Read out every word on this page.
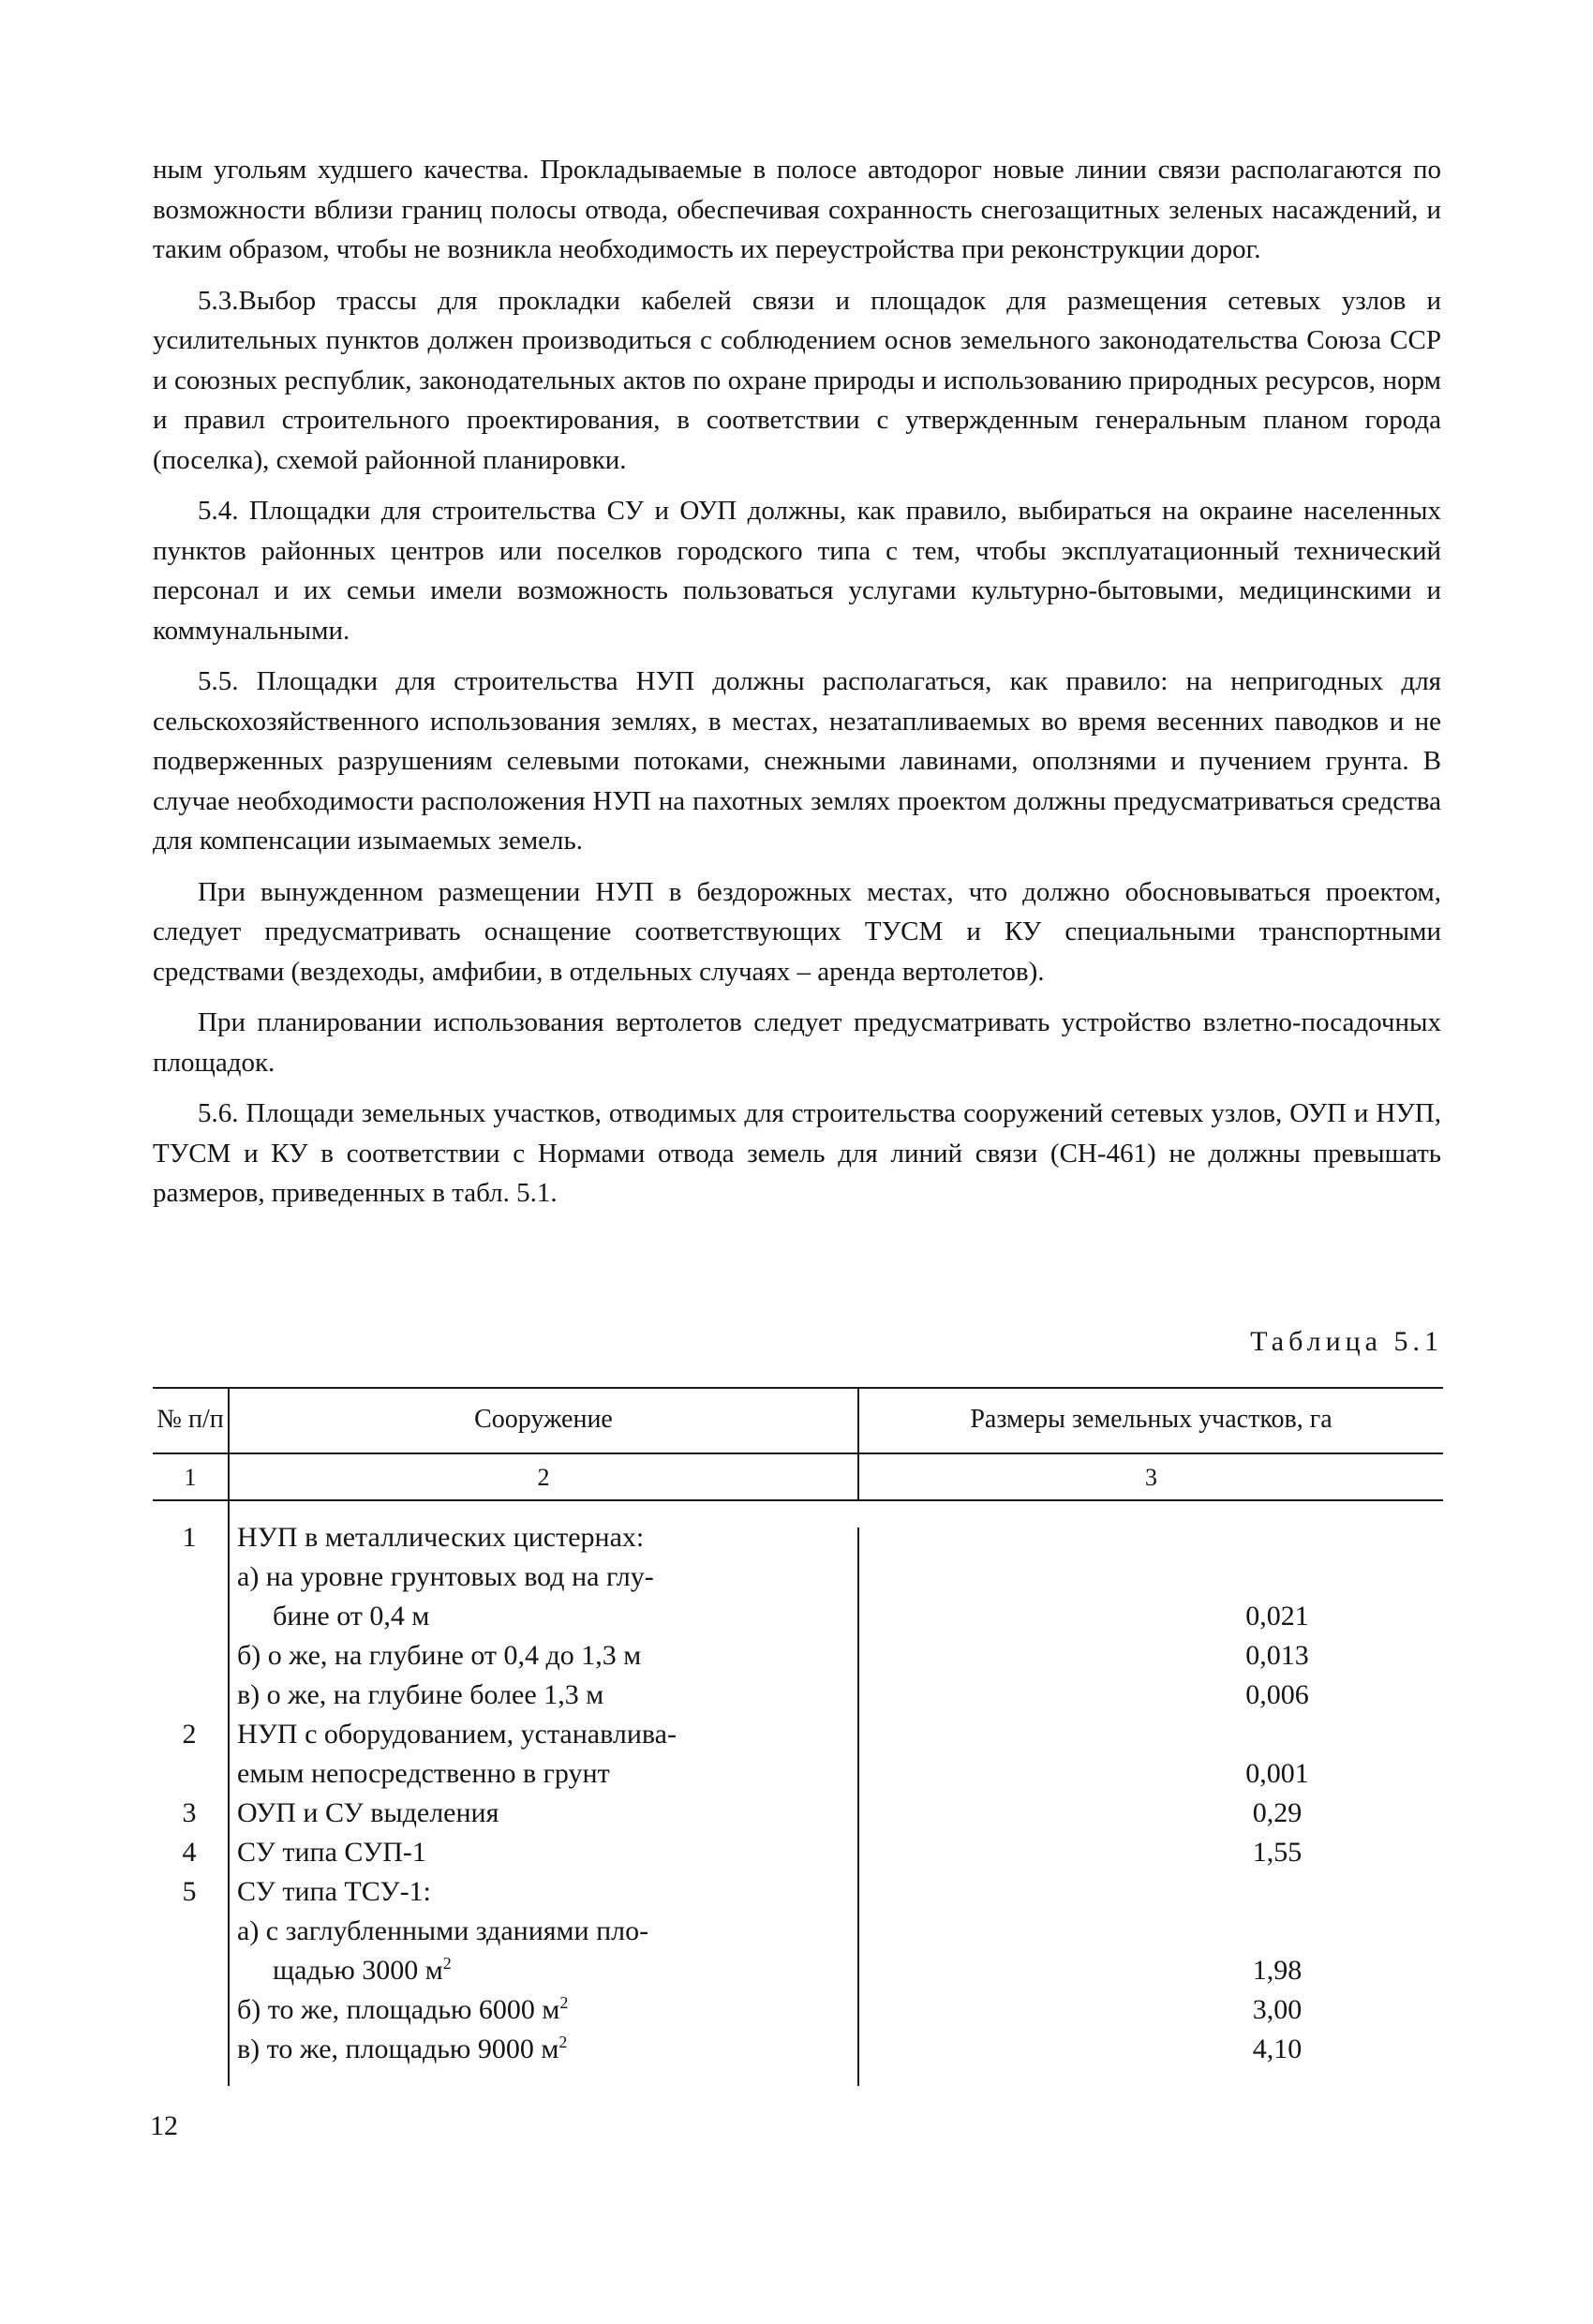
ным угольям худшего качества. Прокладываемые в полосе автодорог новые линии связи располагаются по возможности вблизи границ полосы отвода, обеспечивая сохранность снегозащитных зеленых насаждений, и таким образом, чтобы не возникла необходимость их переустройства при реконструкции дорог.

5.3.Выбор трассы для прокладки кабелей связи и площадок для размещения сетевых узлов и усилительных пунктов должен производиться с соблюдением основ земельного законодательства Союза ССР и союзных республик, законодательных актов по охране природы и использованию природных ресурсов, норм и правил строительного проектирования, в соответствии с утвержденным генеральным планом города (поселка), схемой районной планировки.

5.4. Площадки для строительства СУ и ОУП должны, как правило, выбираться на окраине населенных пунктов районных центров или поселков городского типа с тем, чтобы эксплуатационный технический персонал и их семьи имели возможность пользоваться услугами культурно-бытовыми, медицинскими и коммунальными.

5.5. Площадки для строительства НУП должны располагаться, как правило: на непригодных для сельскохозяйственного использования землях, в местах, незатапливаемых во время весенних паводков и не подверженных разрушениям селевыми потоками, снежными лавинами, оползнями и пучением грунта. В случае необходимости расположения НУП на пахотных землях проектом должны предусматриваться средства для компенсации изымаемых земель.

При вынужденном размещении НУП в бездорожных местах, что должно обосновываться проектом, следует предусматривать оснащение соответствующих ТУСМ и КУ специальными транспортными средствами (вездеходы, амфибии, в отдельных случаях – аренда вертолетов).

При планировании использования вертолетов следует предусматривать устройство взлетно-посадочных площадок.

5.6. Площади земельных участков, отводимых для строительства сооружений сетевых узлов, ОУП и НУП, ТУСМ и КУ в соответствии с Нормами отвода земель для линий связи (СН-461) не должны превышать размеров, приведенных в табл. 5.1.

Таблица 5.1
№ п/п	Сооружение	Размеры земельных участков, га
1	2	3
1	НУП в металлических цистернах:
а) на уровне грунтовых вод на глу-
бине от 0,4 м	0,021
б) о же, на глубине от 0,4 до 1,3 м	0,013
в) о же, на глубине более 1,3 м	0,006
2	НУП с оборудованием, устанавлива-
емым непосредственно в грунт	0,001
3	ОУП и СУ выделения	0,29
4	СУ типа СУП-1	1,55
5	СУ типа ТСУ-1:
а) с заглубленными зданиями пло-
щадью 3000 $м^2$	1,98
б) то же, площадью 6000 $м^2$	3,00
в) то же, площадью 9000 $м^2$	4,10
12
